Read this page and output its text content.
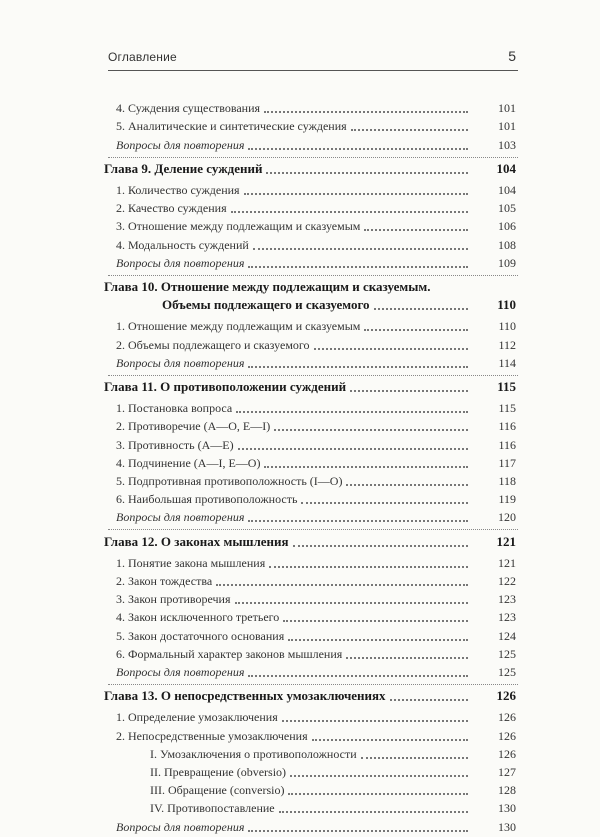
Оглавление	5
4. Суждения существования	101
5. Аналитические и синтетические суждения	101
Вопросы для повторения	103
Глава 9. Деление суждений	104
1. Количество суждения	104
2. Качество суждения	105
3. Отношение между подлежащим и сказуемым	106
4. Модальность суждений	108
Вопросы для повторения	109
Глава 10. Отношение между подлежащим и сказуемым.
Объемы подлежащего и сказуемого	110
1. Отношение между подлежащим и сказуемым	110
2. Объемы подлежащего и сказуемого	112
Вопросы для повторения	114
Глава 11. О противоположении суждений	115
1. Постановка вопроса	115
2. Противоречие (A—O, E—I)	116
3. Противность (A—E)	116
4. Подчинение (A—I, E—O)	117
5. Подпротивная противоположность (I—O)	118
6. Наибольшая противоположность	119
Вопросы для повторения	120
Глава 12. О законах мышления	121
1. Понятие закона мышления	121
2. Закон тождества	122
3. Закон противоречия	123
4. Закон исключенного третьего	123
5. Закон достаточного основания	124
6. Формальный характер законов мышления	125
Вопросы для повторения	125
Глава 13. О непосредственных умозаключениях	126
1. Определение умозаключения	126
2. Непосредственные умозаключения	126
I. Умозаключения о противоположности	126
II. Превращение (obversio)	127
III. Обращение (conversio)	128
IV. Противопоставление	130
Вопросы для повторения	130
